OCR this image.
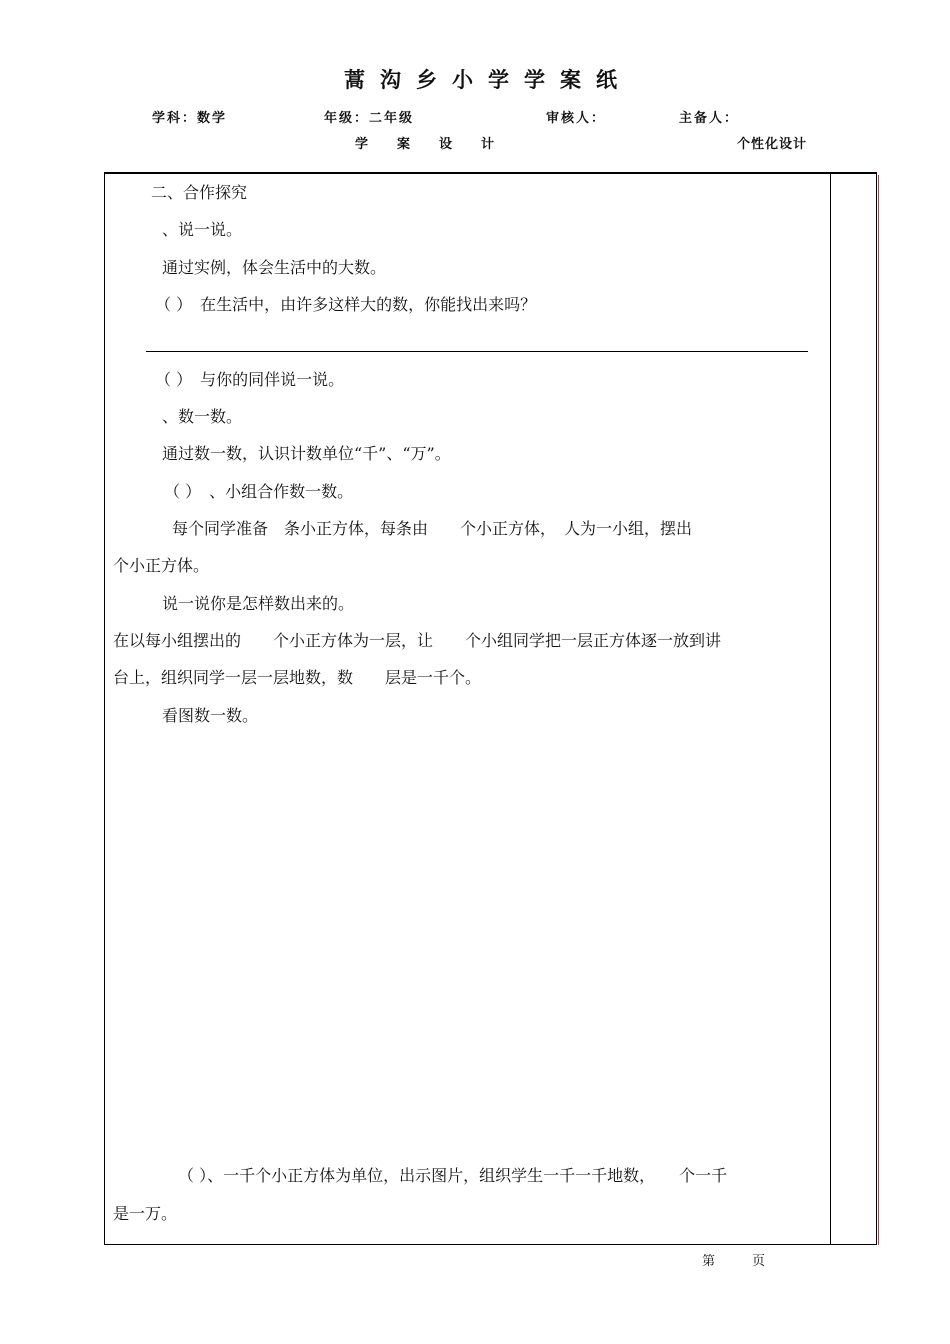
蒿沟乡小学学案纸
学科：数学	年级：二年级	审核人：	主备人：
学　案　设　计	个性化设计
二、合作探究
、说一说。
通过实例，体会生活中的大数。
（ ）　在生活中，由许多这样大的数，你能找出来吗？
（ ）　与你的同伴说一说。
、数一数。
通过数一数，认识计数单位“千”、“万”。
（ ）　、小组合作数一数。
每个同学准备　条小正方体，每条由　　个小正方体，　人为一小组，摆出
个小正方体。
说一说你是怎样数出来的。
在以每小组摆出的　　个小正方体为一层，让　　个小组同学把一层正方体逐一放到讲
台上，组织同学一层一层地数，数　　层是一千个。
看图数一数。
（ ）、一千个小正方体为单位，出示图片，组织学生一千一千地数，　　个一千
是一万。
第	页
